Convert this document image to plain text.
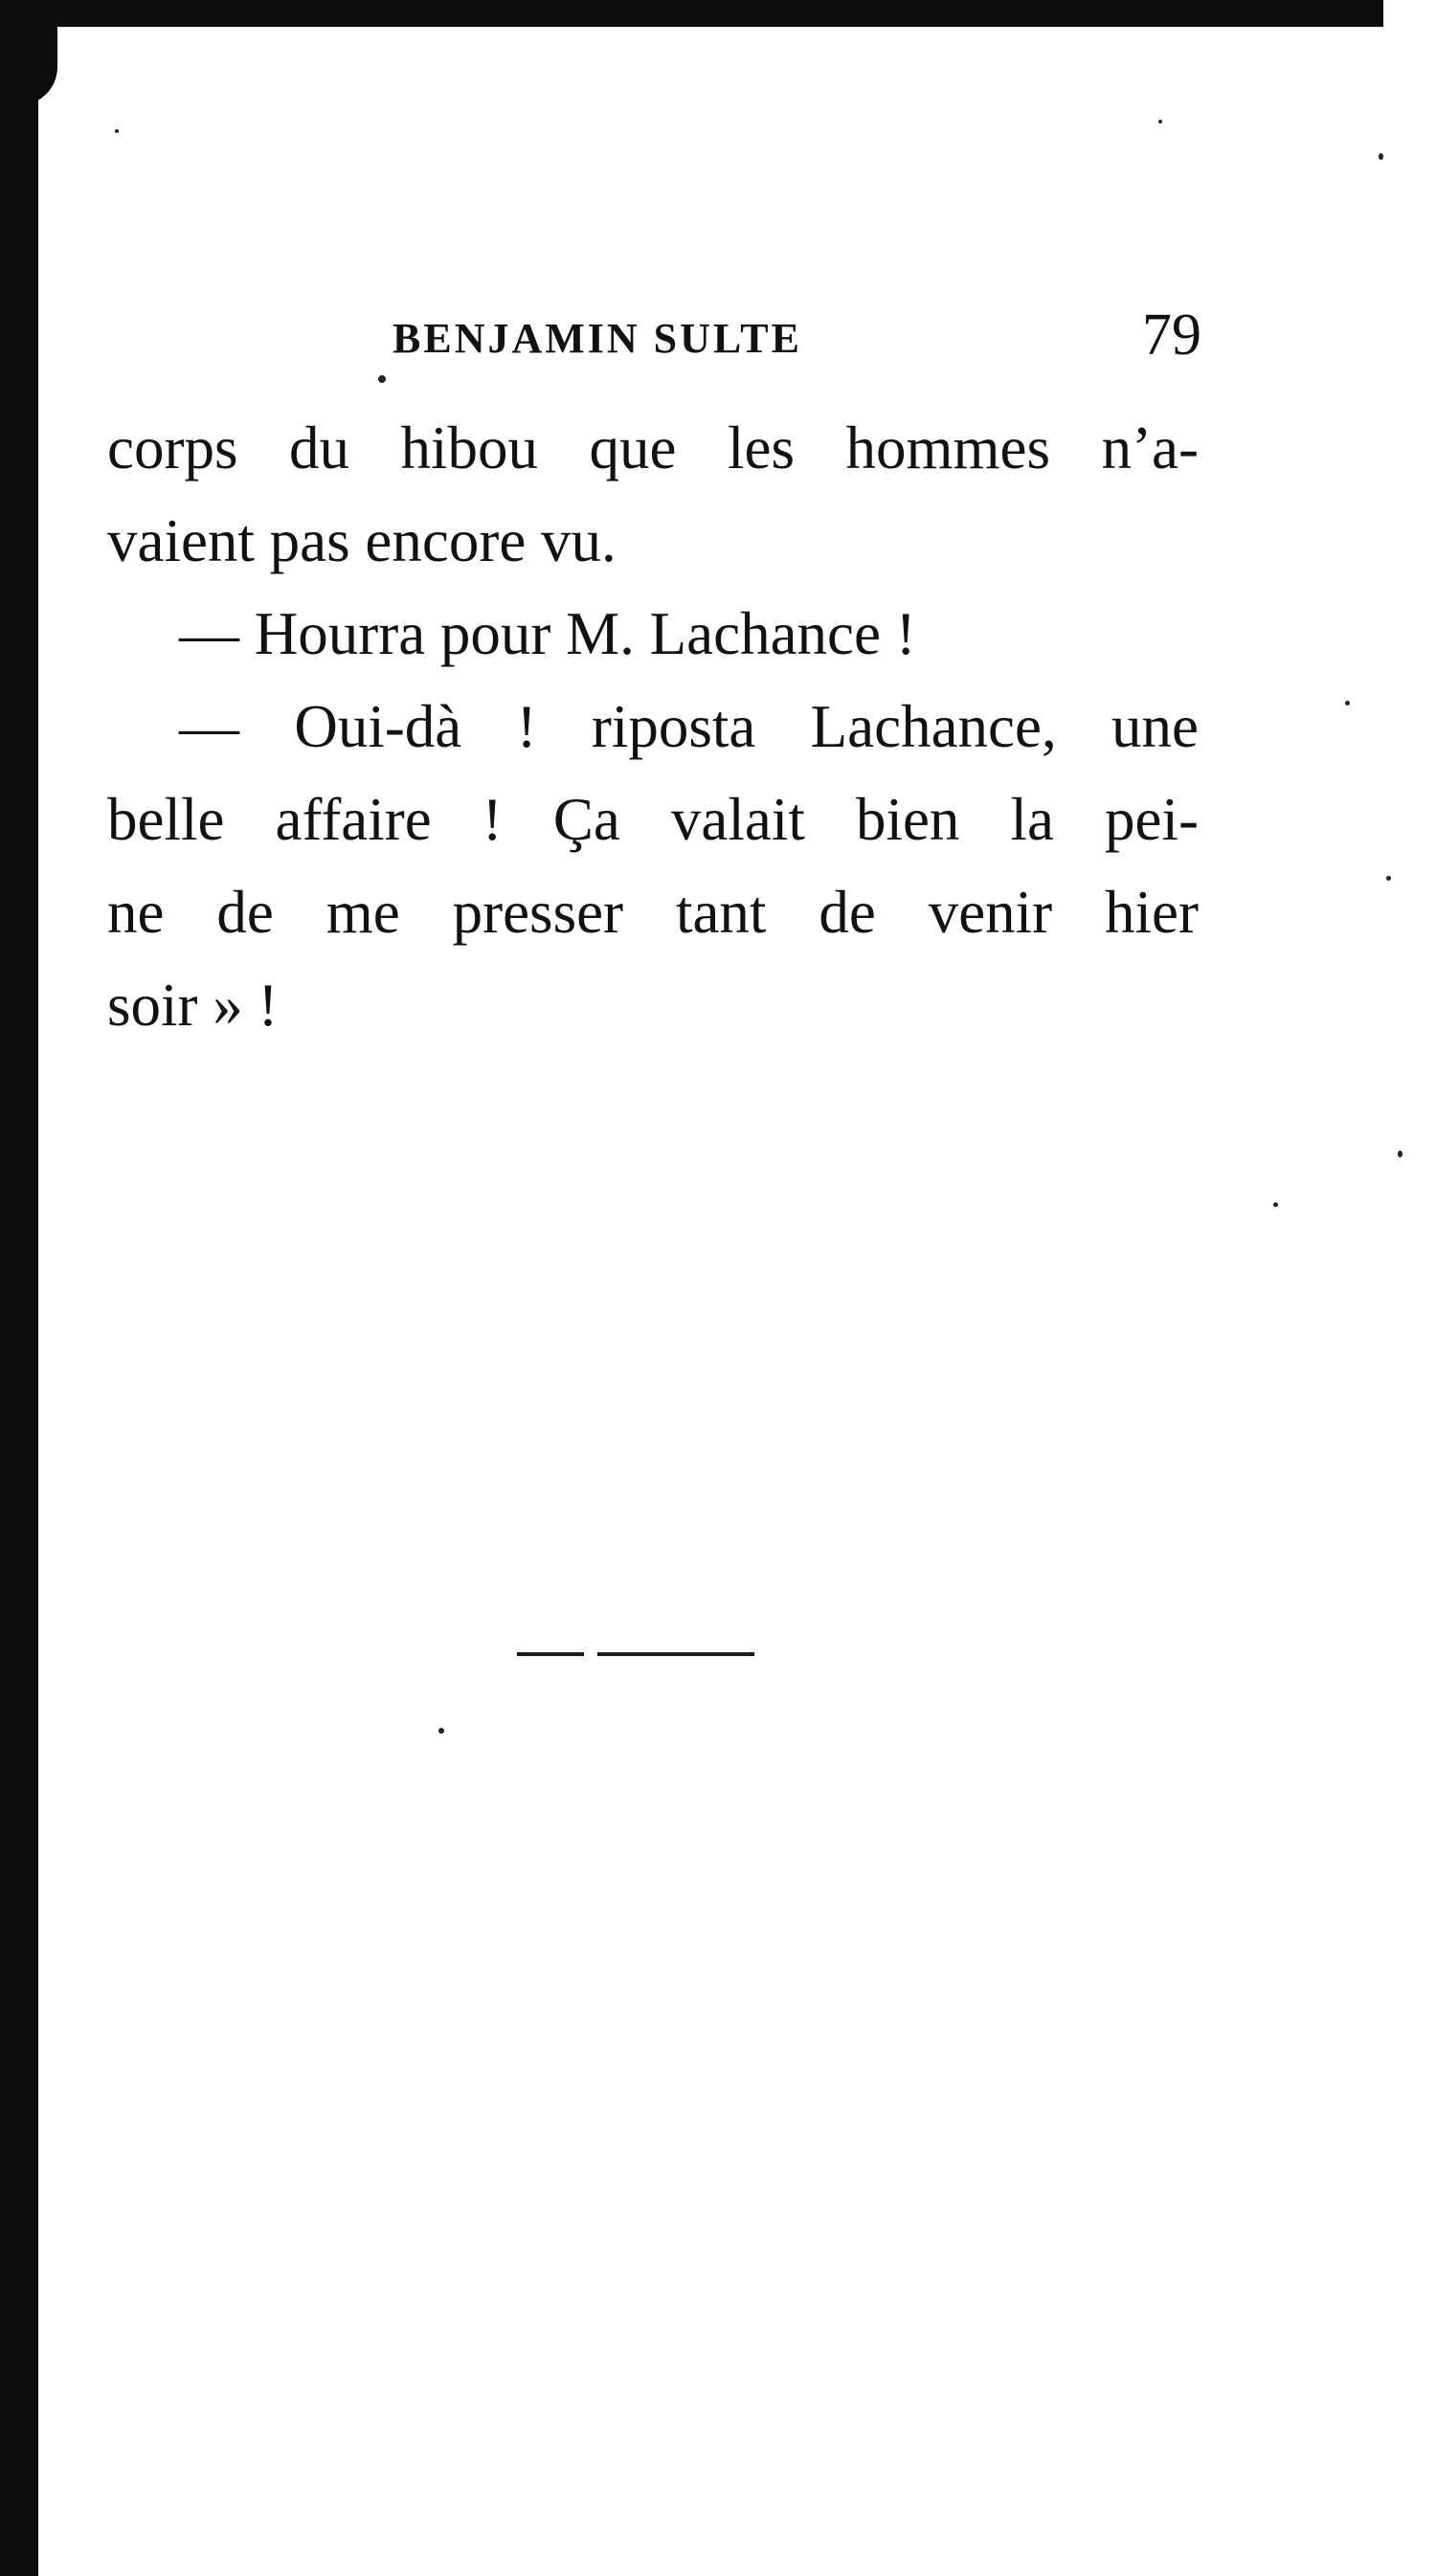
BENJAMIN SULTE	79
corps du hibou que les hommes n’a-
vaient pas encore vu.
— Hourra pour M. Lachance !
— Oui-dà ! riposta Lachance, une
belle affaire ! Ça valait bien la pei-
ne de me presser tant de venir hier
soir » !
